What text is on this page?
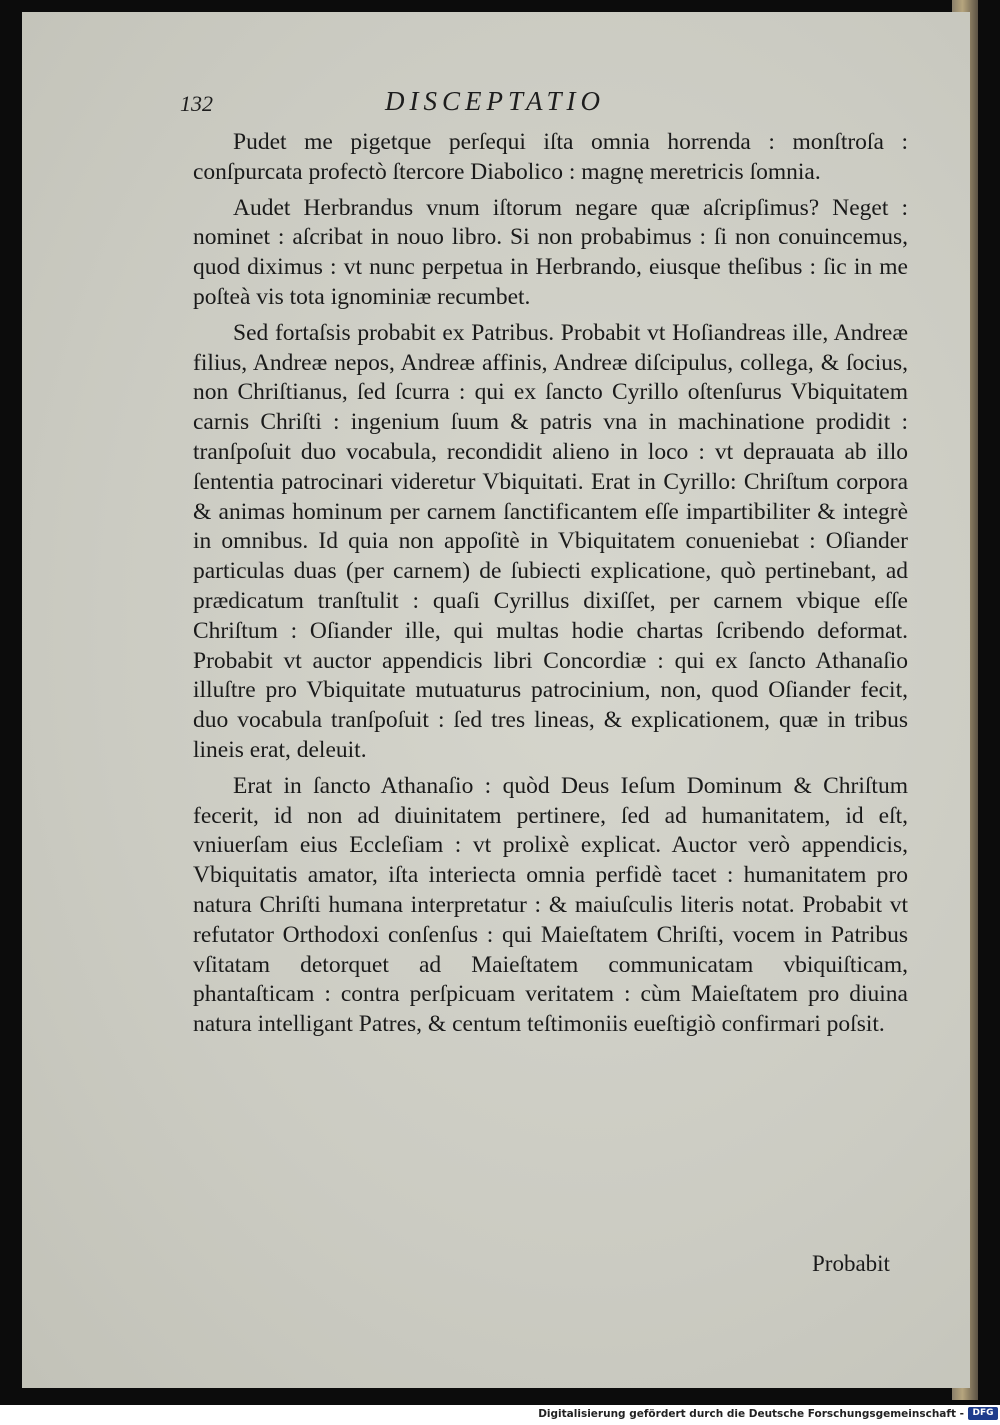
132	DISCEPTATIO

Pudet me pigetque perſequi iſta omnia horrenda : monſtroſa : conſpurcata profectò ſtercore Diabolico : magnę meretricis ſomnia.

Audet Herbrandus vnum iſtorum negare quæ aſcripſimus? Neget : nominet : aſcribat in nouo libro. Si non probabimus : ſi non conuincemus, quod diximus : vt nunc perpetua in Herbrando, eiusque theſibus : ſic in me poſteà vis tota ignominiæ recumbet.

Sed fortaſsis probabit ex Patribus. Probabit vt Hoſiandreas ille, Andreæ filius, Andreæ nepos, Andreæ affinis, Andreæ diſcipulus, collega, & ſocius, non Chriſtianus, ſed ſcurra : qui ex ſancto Cyrillo oſtenſurus Vbiquitatem carnis Chriſti : ingenium ſuum & patris vna in machinatione prodidit : tranſpoſuit duo vocabula, recondidit alieno in loco : vt deprauata ab illo ſententia patrocinari videretur Vbiquitati. Erat in Cyrillo: Chriſtum corpora & animas hominum per carnem ſanctificantem eſſe impartibiliter & integrè in omnibus. Id quia non appoſitè in Vbiquitatem conueniebat : Oſiander particulas duas (per carnem) de ſubiecti explicatione, quò pertinebant, ad prædicatum tranſtulit : quaſi Cyrillus dixiſſet, per carnem vbique eſſe Chriſtum : Oſiander ille, qui multas hodie chartas ſcribendo deformat. Probabit vt auctor appendicis libri Concordiæ : qui ex ſancto Athanaſio illuſtre pro Vbiquitate mutuaturus patrocinium, non, quod Oſiander fecit, duo vocabula tranſpoſuit : ſed tres lineas, & explicationem, quæ in tribus lineis erat, deleuit.

Erat in ſancto Athanaſio : quòd Deus Ieſum Dominum & Chriſtum fecerit, id non ad diuinitatem pertinere, ſed ad humanitatem, id eſt, vniuerſam eius Eccleſiam : vt prolixè explicat. Auctor verò appendicis, Vbiquitatis amator, iſta interiecta omnia perfidè tacet : humanitatem pro natura Chriſti humana interpretatur : & maiuſculis literis notat. Probabit vt refutator Orthodoxi conſenſus : qui Maieſtatem Chriſti, vocem in Patribus vſitatam detorquet ad Maieſtatem communicatam vbiquiſticam, phantaſticam : contra perſpicuam veritatem : cùm Maieſtatem pro diuina natura intelligant Patres, & centum teſtimoniis eueſtigiò confirmari poſsit.

Probabit
Digitalisierung gefördert durch die Deutsche Forschungsgemeinschaft - DFG
